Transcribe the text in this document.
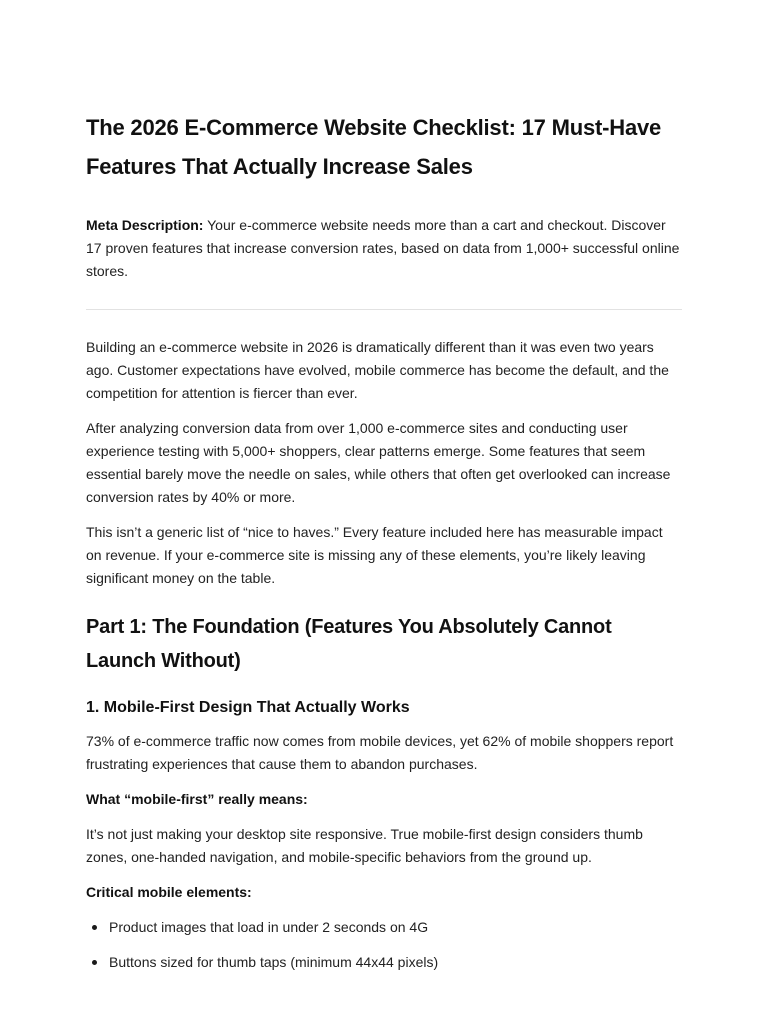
The 2026 E-Commerce Website Checklist: 17 Must-Have Features That Actually Increase Sales

Meta Description: Your e-commerce website needs more than a cart and checkout. Discover 17 proven features that increase conversion rates, based on data from 1,000+ successful online stores.

Building an e-commerce website in 2026 is dramatically different than it was even two years ago. Customer expectations have evolved, mobile commerce has become the default, and the competition for attention is fiercer than ever.

After analyzing conversion data from over 1,000 e-commerce sites and conducting user experience testing with 5,000+ shoppers, clear patterns emerge. Some features that seem essential barely move the needle on sales, while others that often get overlooked can increase conversion rates by 40% or more.

This isn’t a generic list of “nice to haves.” Every feature included here has measurable impact on revenue. If your e-commerce site is missing any of these elements, you’re likely leaving significant money on the table.

Part 1: The Foundation (Features You Absolutely Cannot Launch Without)
1. Mobile-First Design That Actually Works

73% of e-commerce traffic now comes from mobile devices, yet 62% of mobile shoppers report frustrating experiences that cause them to abandon purchases.

What “mobile-first” really means:

It’s not just making your desktop site responsive. True mobile-first design considers thumb zones, one-handed navigation, and mobile-specific behaviors from the ground up.

Critical mobile elements:

Product images that load in under 2 seconds on 4G
Buttons sized for thumb taps (minimum 44x44 pixels)
